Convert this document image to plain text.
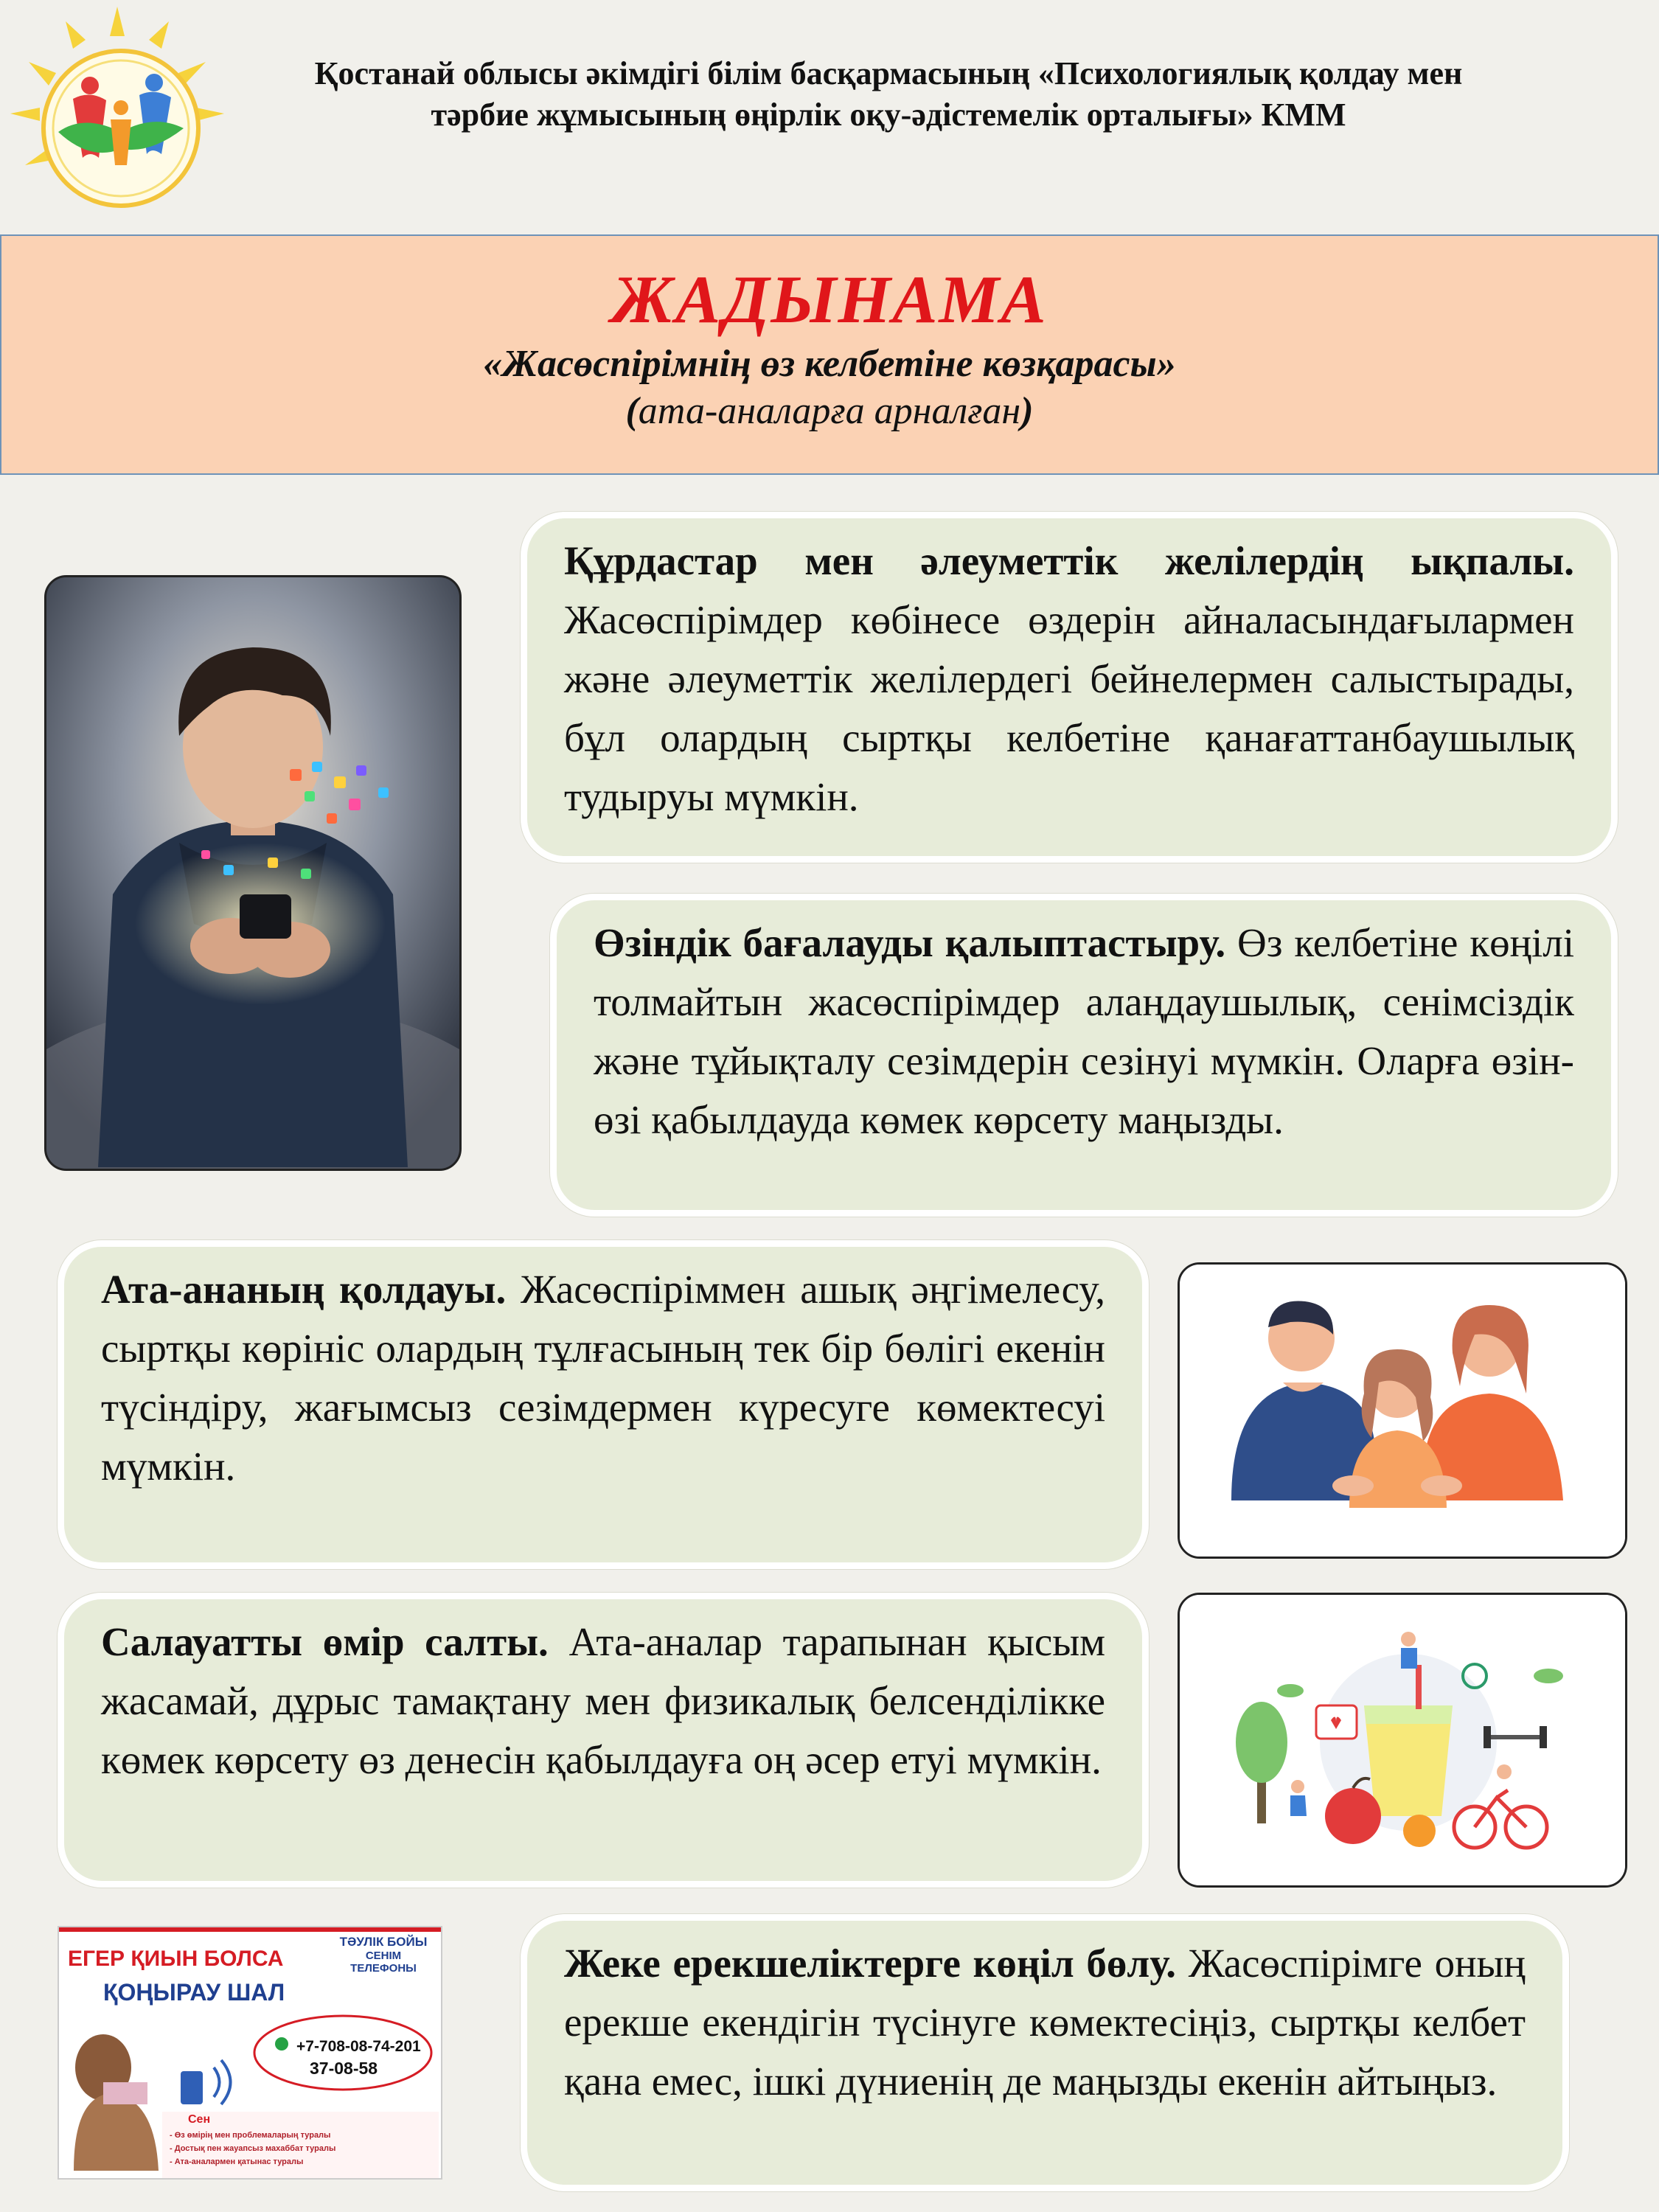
Қостанай облысы әкімдігі білім басқармасының «Психологиялық қолдау мен
тәрбие жұмысының өңірлік оқу-әдістемелік орталығы» КММ
ЖАДЫНАМА
«Жасөспірімнің өз келбетіне көзқарасы»
(ата-аналарға арналған)
Құрдастар мен әлеуметтік желілердің ықпалы. Жасөспірімдер көбінесе өздерін айналасындағылармен және әлеуметтік желілердегі бейнелермен салыстырады, бұл олардың сыртқы келбетіне қанағаттанбаушылық тудыруы мүмкін.
Өзіндік бағалауды қалыптастыру. Өз келбетіне көңілі толмайтын жасөспірімдер алаңдаушылық, сенімсіздік және тұйықталу сезімдерін сезінуі мүмкін. Оларға өзін-өзі қабылдауда көмек көрсету маңызды.
Ата-ананың қолдауы. Жасөспіріммен ашық әңгімелесу, сыртқы көрініс олардың тұлғасының тек бір бөлігі екенін түсіндіру, жағымсыз сезімдермен күресуге көмектесуі мүмкін.
Салауатты өмір салты. Ата-аналар тарапынан қысым жасамай, дұрыс тамақтану мен физикалық белсенділікке көмек көрсету өз денесін қабылдауға оң әсер етуі мүмкін.
ЕГЕР ҚИЫН БОЛСА
ҚОҢЫРАУ ШАЛ
ТӘУЛІК БОЙЫ
СЕНІМ ТЕЛЕФОНЫ
+7-708-08-74-201
37-08-58
Сен
- Өз өмірің мен проблемаларың туралы
- Достық пен жауапсыз махаббат туралы
- Ата-аналармен қатынас туралы
Жеке ерекшеліктерге көңіл бөлу. Жасөспірімге оның ерекше екендігін түсінуге көмектесіңіз, сыртқы келбет қана емес, ішкі дүниенің де маңызды екенін айтыңыз.
